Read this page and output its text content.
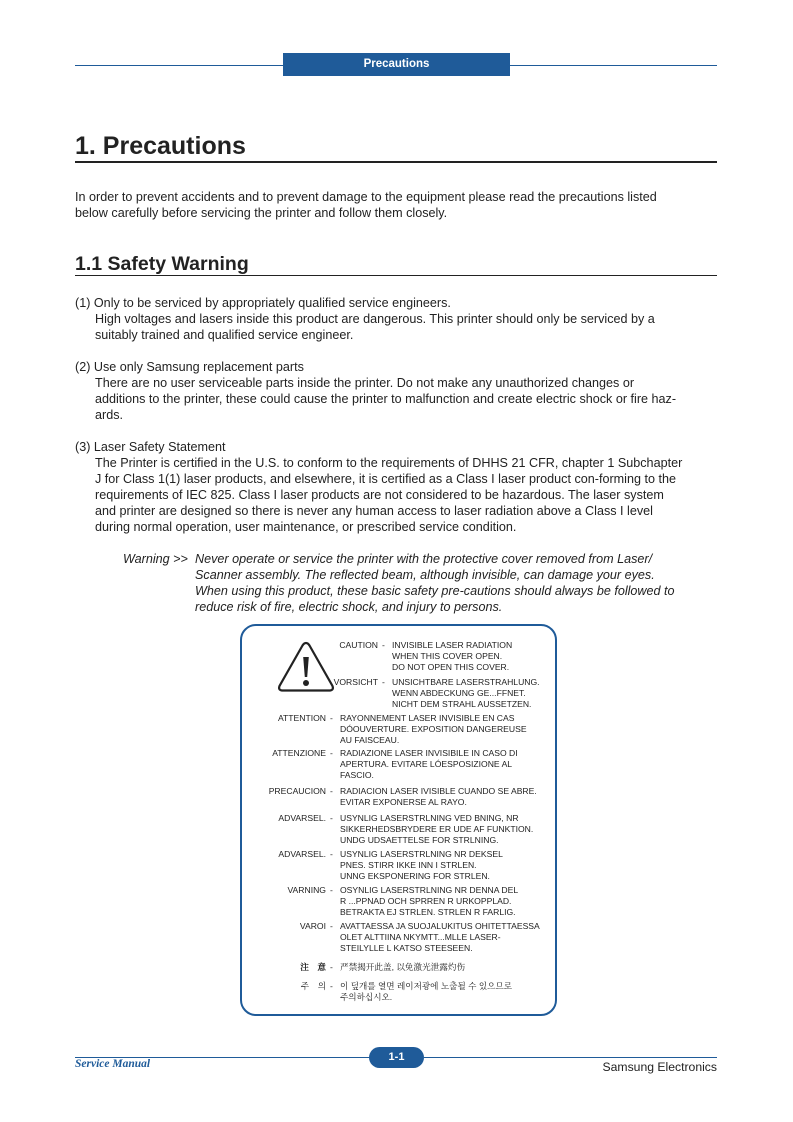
Precautions
1. Precautions

In order to prevent accidents and to prevent damage to the equipment please read the precautions listed

below carefully before servicing the printer and follow them closely.

1.1 Safety Warning

(1) Only to be serviced by appropriately qualified service engineers.

High voltages and lasers inside this product are dangerous. This printer should only be serviced by a

suitably trained and qualified service engineer.

(2) Use only Samsung replacement parts

There are no user serviceable parts inside the printer. Do not make any unauthorized changes or

additions to the printer, these could cause the printer to malfunction and create electric shock or fire haz-

ards.

(3) Laser Safety Statement

The Printer is certified in the U.S. to conform to the requirements of DHHS 21 CFR, chapter 1 Subchapter

J for Class 1(1) laser products, and elsewhere, it is certified as a Class I laser product con-forming to the

requirements of IEC 825. Class I laser products are not considered to be hazardous. The laser system

and printer are designed so there is never any human access to laser radiation above a Class I level

during normal operation, user maintenance, or prescribed service condition.

Warning >> Never operate or service the printer with the protective cover removed from Laser/
Scanner assembly. The reflected beam, although invisible, can damage your eyes.
When using this product, these basic safety pre-cautions should always be followed to
reduce risk of fire, electric shock, and injury to persons.
CAUTION - INVISIBLE LASER RADIATION
WHEN THIS COVER OPEN.
DO NOT OPEN THIS COVER.
VORSICHT - UNSICHTBARE LASERSTRAHLUNG.
WENN ABDECKUNG GE...FFNET.
NICHT DEM STRAHL AUSSETZEN.
ATTENTION - RAYONNEMENT LASER INVISIBLE EN CAS
DÓOUVERTURE. EXPOSITION DANGEREUSE
AU FAISCEAU.
ATTENZIONE - RADIAZIONE LASER INVISIBILE IN CASO DI
APERTURA. EVITARE LÓESPOSIZIONE AL
FASCIO.
PRECAUCION - RADIACION LASER IVISIBLE CUANDO SE ABRE.
EVITAR EXPONERSE AL RAYO.
ADVARSEL. - USYNLIG LASERSTRLNING VED BNING, NR
SIKKERHEDSBRYDERE ER UDE AF FUNKTION.
UNDG UDSAETTELSE FOR STRLNING.
ADVARSEL. - USYNLIG LASERSTRLNING NR DEKSEL
PNES. STIRR IKKE INN I STRLEN.
UNNG EKSPONERING FOR STRLEN.
VARNING - OSYNLIG LASERSTRLNING NR DENNA DEL
R ...PPNAD OCH SPRREN R URKOPPLAD.
BETRAKTA EJ STRLEN. STRLEN R FARLIG.
VAROI - AVATTAESSA JA SUOJALUKITUS OHITETTAESSA
OLET ALTTIINA NKYMTT...MLLE LASER-
STEILYLLE L KATSO STEESEEN.
注　意 - 严禁揭开此盖, 以免激光泄露灼伤
주　의 - 이 덮개를 열면 레이저광에 노출될 수 있으므로
주의하십시오.
1-1
Service Manual	Samsung Electronics
